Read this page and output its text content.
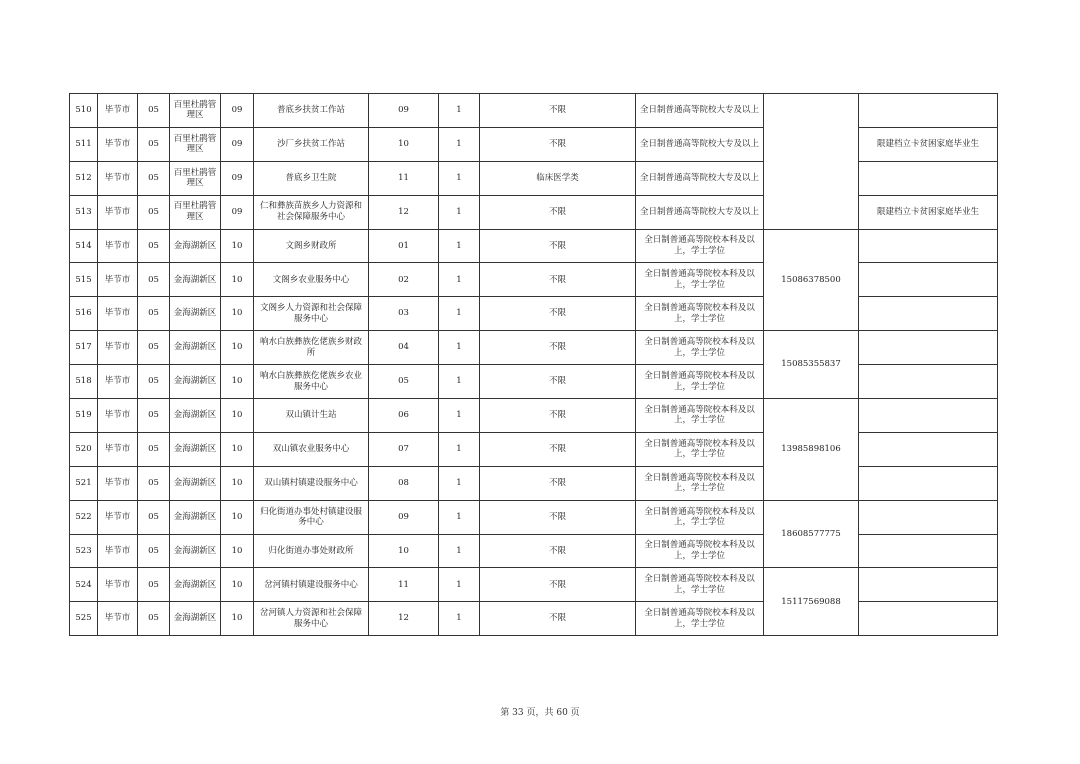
510	毕节市	05	百里杜鹃管理区	09	普底乡扶贫工作站	09	1	不限	全日制普通高等院校大专及以上		
511	毕节市	05	百里杜鹃管理区	09	沙厂乡扶贫工作站	10	1	不限	全日制普通高等院校大专及以上		限建档立卡贫困家庭毕业生
512	毕节市	05	百里杜鹃管理区	09	普底乡卫生院	11	1	临床医学类	全日制普通高等院校大专及以上		
513	毕节市	05	百里杜鹃管理区	09	仁和彝族苗族乡人力资源和社会保障服务中心	12	1	不限	全日制普通高等院校大专及以上		限建档立卡贫困家庭毕业生
514	毕节市	05	金海湖新区	10	文阁乡财政所	01	1	不限	全日制普通高等院校本科及以上，学士学位	15086378500	
515	毕节市	05	金海湖新区	10	文阁乡农业服务中心	02	1	不限	全日制普通高等院校本科及以上，学士学位		
516	毕节市	05	金海湖新区	10	文阁乡人力资源和社会保障服务中心	03	1	不限	全日制普通高等院校本科及以上，学士学位		
517	毕节市	05	金海湖新区	10	响水白族彝族仡佬族乡财政所	04	1	不限	全日制普通高等院校本科及以上，学士学位	15085355837	
518	毕节市	05	金海湖新区	10	响水白族彝族仡佬族乡农业服务中心	05	1	不限	全日制普通高等院校本科及以上，学士学位		
519	毕节市	05	金海湖新区	10	双山镇计生站	06	1	不限	全日制普通高等院校本科及以上，学士学位	13985898106	
520	毕节市	05	金海湖新区	10	双山镇农业服务中心	07	1	不限	全日制普通高等院校本科及以上，学士学位		
521	毕节市	05	金海湖新区	10	双山镇村镇建设服务中心	08	1	不限	全日制普通高等院校本科及以上，学士学位		
522	毕节市	05	金海湖新区	10	归化街道办事处村镇建设服务中心	09	1	不限	全日制普通高等院校本科及以上，学士学位	18608577775	
523	毕节市	05	金海湖新区	10	归化街道办事处财政所	10	1	不限	全日制普通高等院校本科及以上，学士学位		
524	毕节市	05	金海湖新区	10	岔河镇村镇建设服务中心	11	1	不限	全日制普通高等院校本科及以上，学士学位	15117569088	
525	毕节市	05	金海湖新区	10	岔河镇人力资源和社会保障服务中心	12	1	不限	全日制普通高等院校本科及以上，学士学位		
第 33 页，共 60 页
